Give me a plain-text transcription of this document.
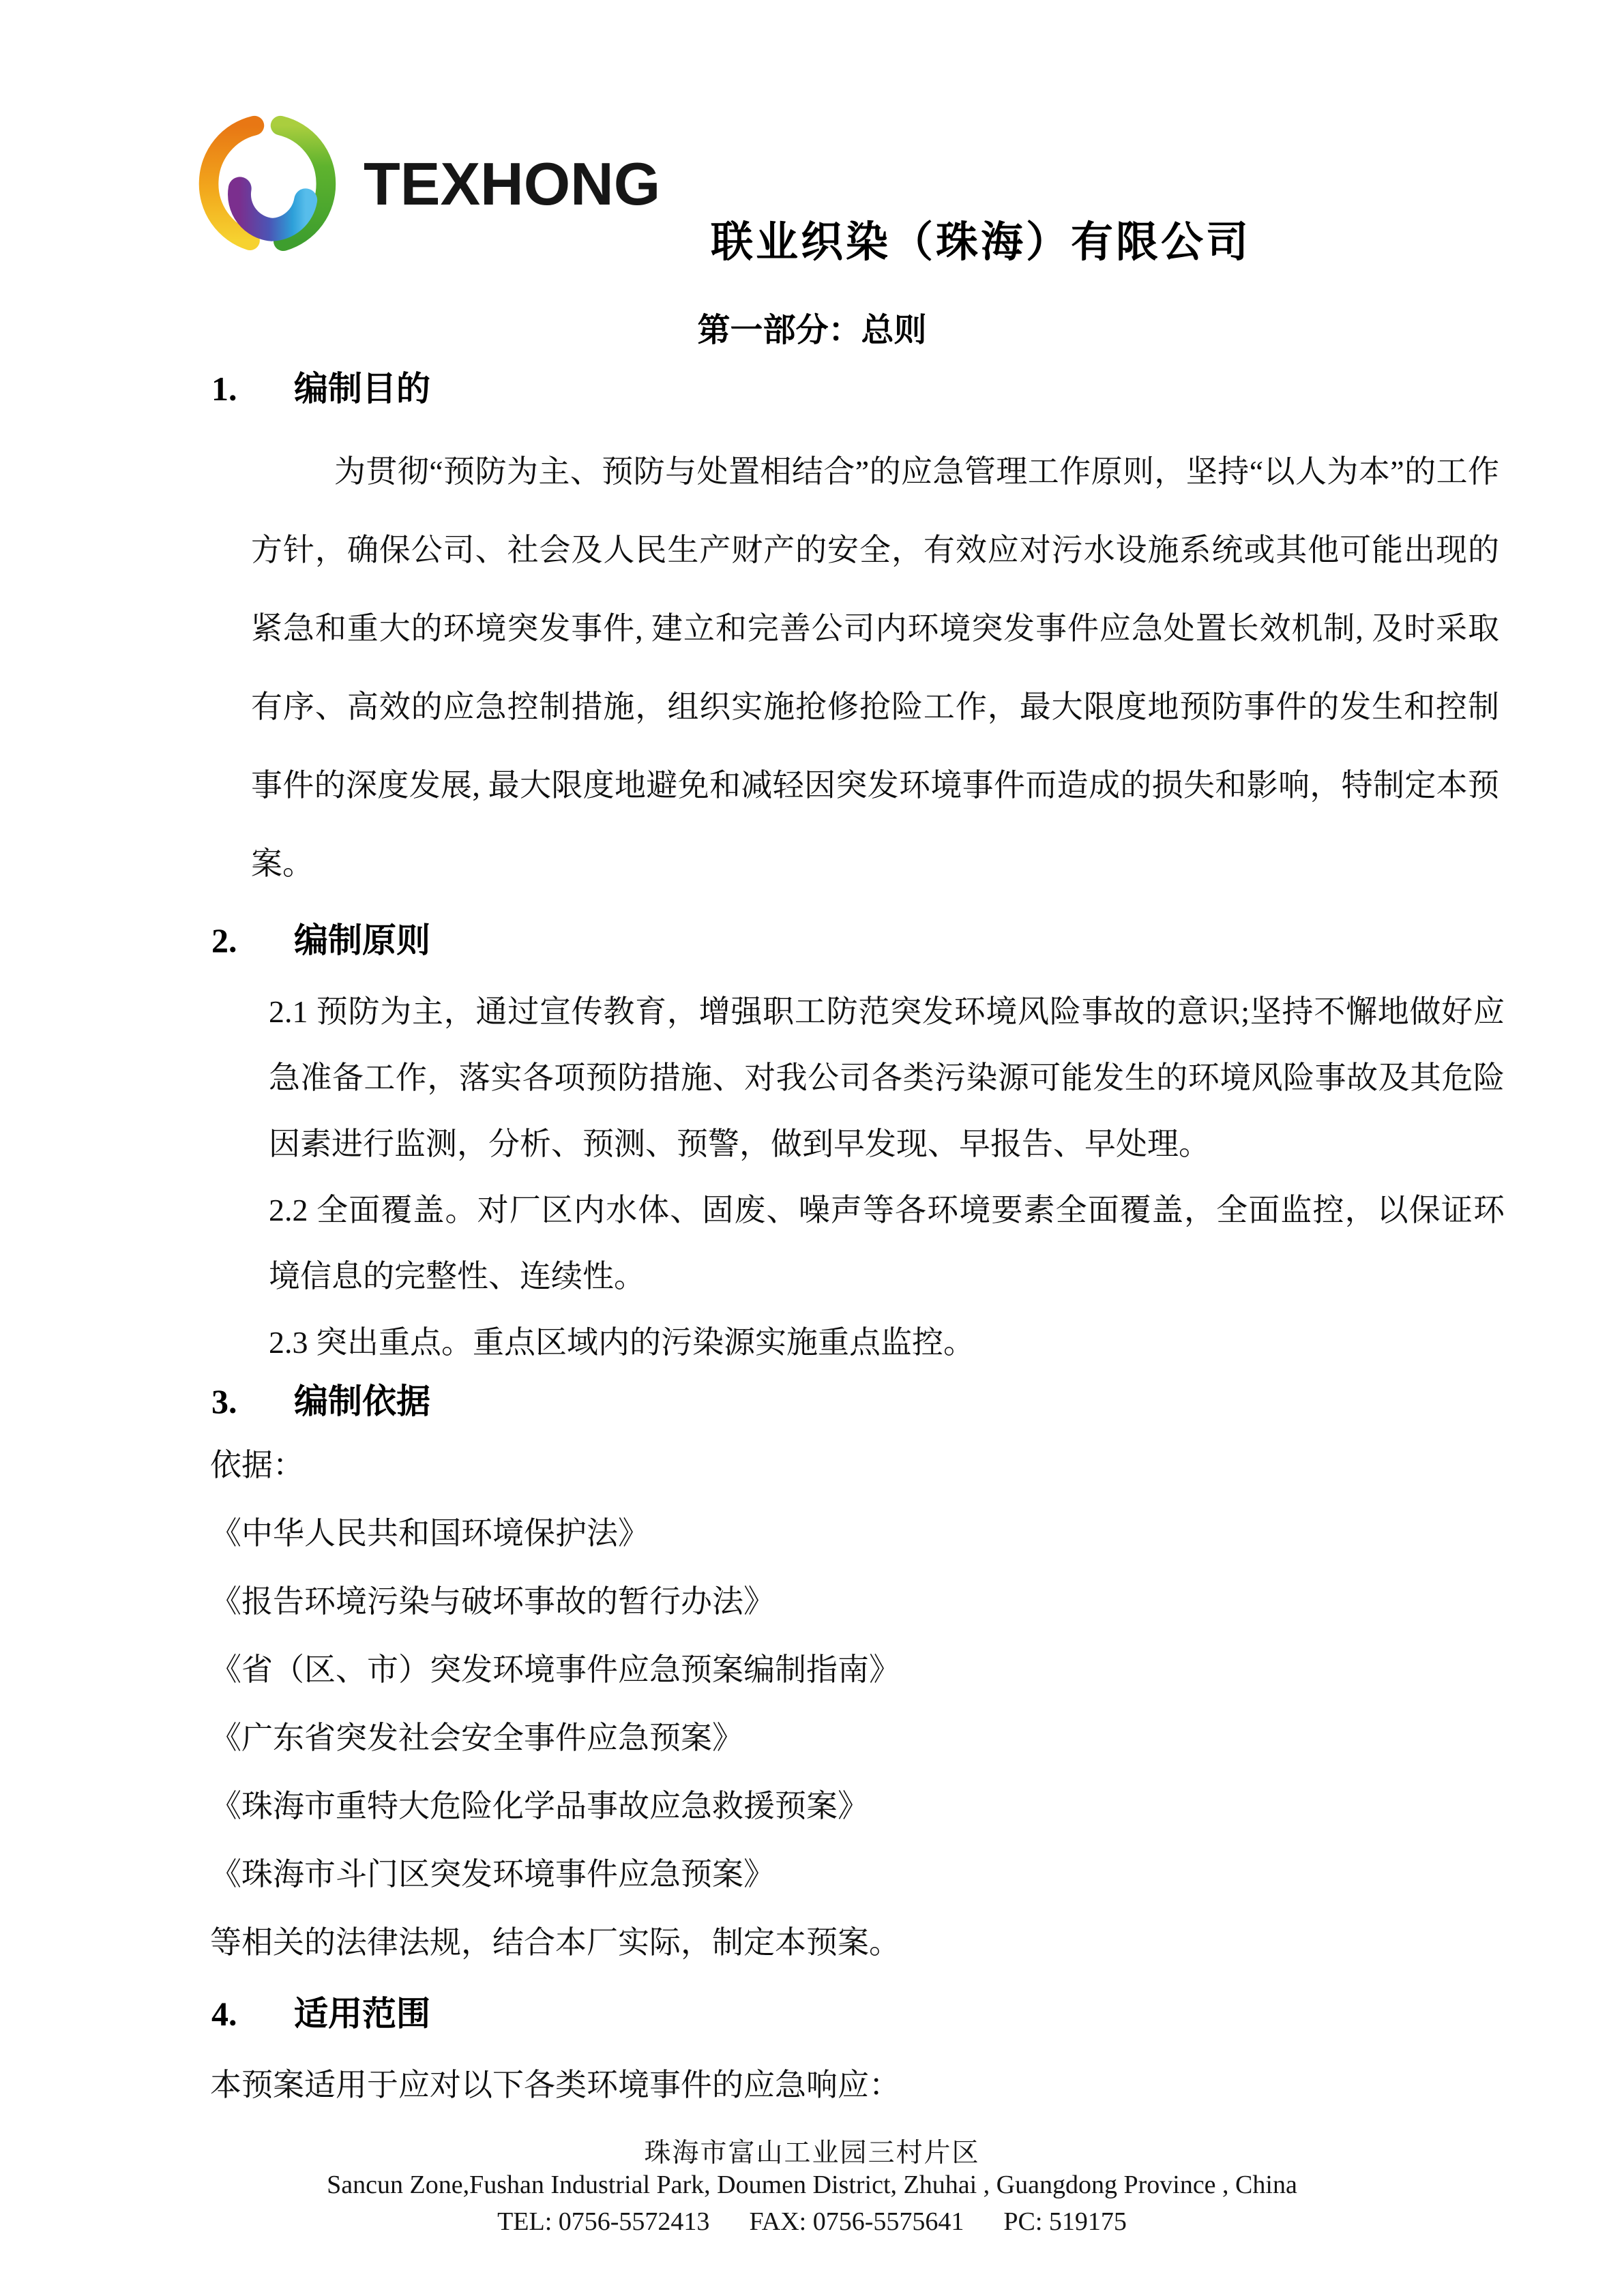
TEXHONG
联业织染（珠海）有限公司
第一部分：总则
1.	编制目的
为贯彻“预防为主、预防与处置相结合”的应急管理工作原则，坚持“以人为本”的工作方针，确保公司、社会及人民生产财产的安全，有效应对污水设施系统或其他可能出现的紧急和重大的环境突发事件, 建立和完善公司内环境突发事件应急处置长效机制, 及时采取有序、高效的应急控制措施，组织实施抢修抢险工作，最大限度地预防事件的发生和控制事件的深度发展, 最大限度地避免和减轻因突发环境事件而造成的损失和影响，特制定本预案。
2.	编制原则
2.1 预防为主，通过宣传教育，增强职工防范突发环境风险事故的意识;坚持不懈地做好应急准备工作，落实各项预防措施、对我公司各类污染源可能发生的环境风险事故及其危险因素进行监测，分析、预测、预警，做到早发现、早报告、早处理。
2.2 全面覆盖。对厂区内水体、固废、噪声等各环境要素全面覆盖，全面监控，以保证环境信息的完整性、连续性。
2.3 突出重点。重点区域内的污染源实施重点监控。
3.	编制依据
依据：
《中华人民共和国环境保护法》
《报告环境污染与破坏事故的暂行办法》
《省（区、市）突发环境事件应急预案编制指南》
《广东省突发社会安全事件应急预案》
《珠海市重特大危险化学品事故应急救援预案》
《珠海市斗门区突发环境事件应急预案》
等相关的法律法规，结合本厂实际，制定本预案。
4.	适用范围
本预案适用于应对以下各类环境事件的应急响应：
珠海市富山工业园三村片区
Sancun Zone,Fushan Industrial Park, Doumen District, Zhuhai , Guangdong Province , China
TEL: 0756-5572413 FAX: 0756-5575641 PC: 519175
